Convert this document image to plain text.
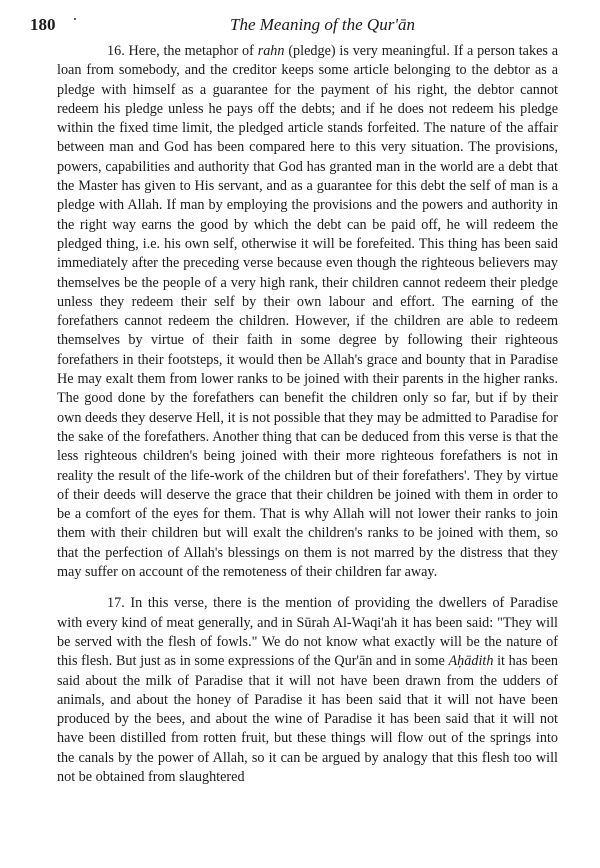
180	The Meaning of the Qur'ān

16. Here, the metaphor of rahn (pledge) is very meaningful. If a person takes a loan from somebody, and the creditor keeps some article belonging to the debtor as a pledge with himself as a guarantee for the payment of his right, the debtor cannot redeem his pledge unless he pays off the debts; and if he does not redeem his pledge within the fixed time limit, the pledged article stands forfeited. The nature of the affair between man and God has been compared here to this very situation. The provisions, powers, capabilities and authority that God has granted man in the world are a debt that the Master has given to His servant, and as a guarantee for this debt the self of man is a pledge with Allah. If man by employing the provisions and the powers and authority in the right way earns the good by which the debt can be paid off, he will redeem the pledged thing, i.e. his own self, otherwise it will be forefeited. This thing has been said immediately after the preceding verse because even though the righteous believers may themselves be the people of a very high rank, their children cannot redeem their pledge unless they redeem their self by their own labour and effort. The earning of the forefathers cannot redeem the children. However, if the children are able to redeem themselves by virtue of their faith in some degree by following their righteous forefathers in their footsteps, it would then be Allah's grace and bounty that in Paradise He may exalt them from lower ranks to be joined with their parents in the higher ranks. The good done by the forefathers can benefit the children only so far, but if by their own deeds they deserve Hell, it is not possible that they may be admitted to Paradise for the sake of the forefathers. Another thing that can be deduced from this verse is that the less righteous children's being joined with their more righteous forefathers is not in reality the result of the life-work of the children but of their forefathers'. They by virtue of their deeds will deserve the grace that their children be joined with them in order to be a comfort of the eyes for them. That is why Allah will not lower their ranks to join them with their children but will exalt the children's ranks to be joined with them, so that the perfection of Allah's blessings on them is not marred by the distress that they may suffer on account of the remoteness of their children far away.

17. In this verse, there is the mention of providing the dwellers of Paradise with every kind of meat generally, and in Sūrah Al-Waqi'ah it has been said: "They will be served with the flesh of fowls." We do not know what exactly will be the nature of this flesh. But just as in some expressions of the Qur'ān and in some Aḥādith it has been said about the milk of Paradise that it will not have been drawn from the udders of animals, and about the honey of Paradise it has been said that it will not have been produced by the bees, and about the wine of Paradise it has been said that it will not have been distilled from rotten fruit, but these things will flow out of the springs into the canals by the power of Allah, so it can be argued by analogy that this flesh too will not be obtained from slaughtered
